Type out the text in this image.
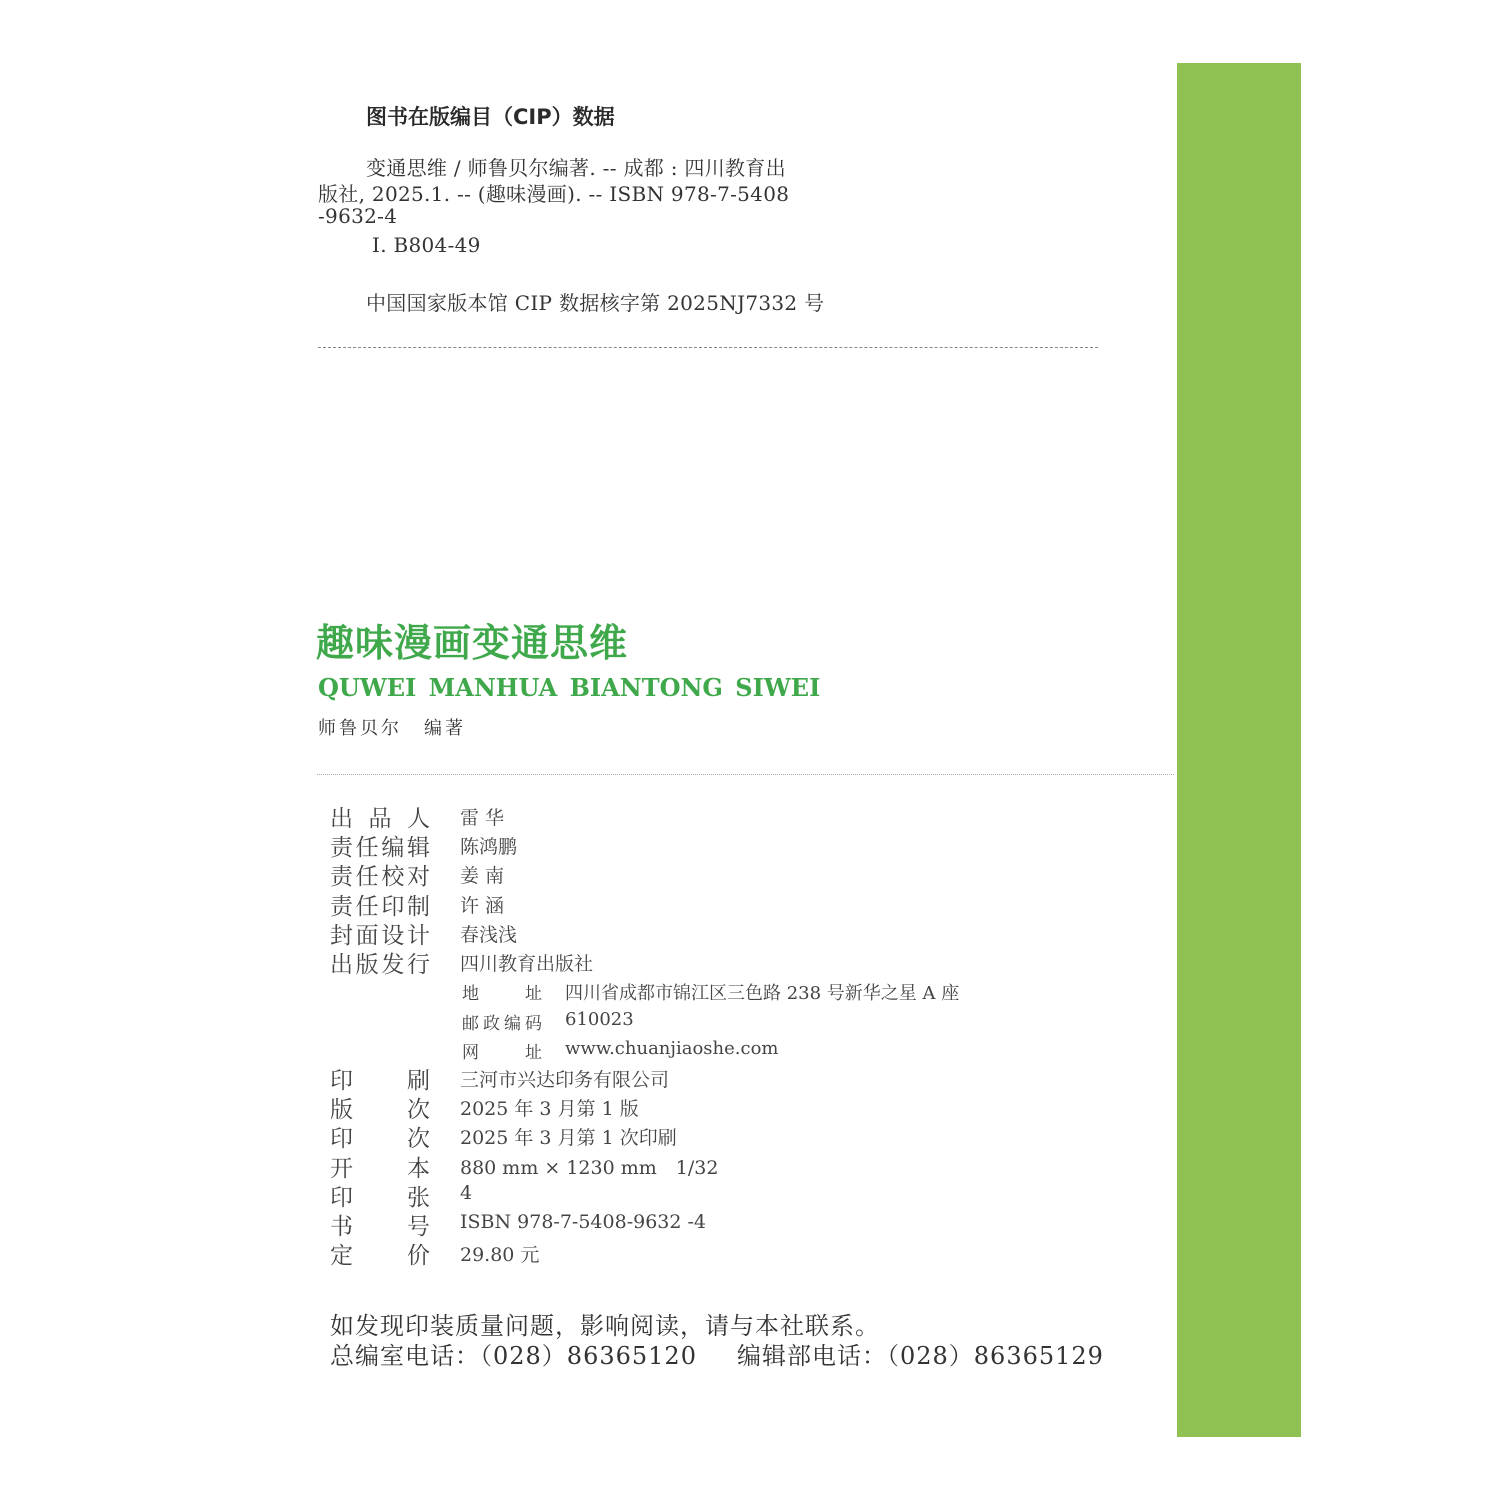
图书在版编目（CIP）数据
变通思维 / 师鲁贝尔编著. -- 成都 : 四川教育出
版社, 2025.1. -- (趣味漫画). -- ISBN 978-7-5408
-9632-4
I. B804-49
中国国家版本馆 CIP 数据核字第 2025NJ7332 号
趣味漫画变通思维
QUWEI MANHUA BIANTONG SIWEI
师鲁贝尔 编著
出品人 雷 华
责任编辑 陈鸿鹏
责任校对 姜 南
责任印制 许 涵
封面设计 春浅浅
出版发行 四川教育出版社
地址 四川省成都市锦江区三色路 238 号新华之星 A 座
邮政编码 610023
网址 www.chuanjiaoshe.com
印刷 三河市兴达印务有限公司
版次 2025 年 3 月第 1 版
印次 2025 年 3 月第 1 次印刷
开本 880 mm × 1230 mm　1/32
印张 4
书号 ISBN 978-7-5408-9632 -4
定价 29.80 元
如发现印装质量问题，影响阅读，请与本社联系。
总编室电话：（028）86365120 编辑部电话：（028）86365129
